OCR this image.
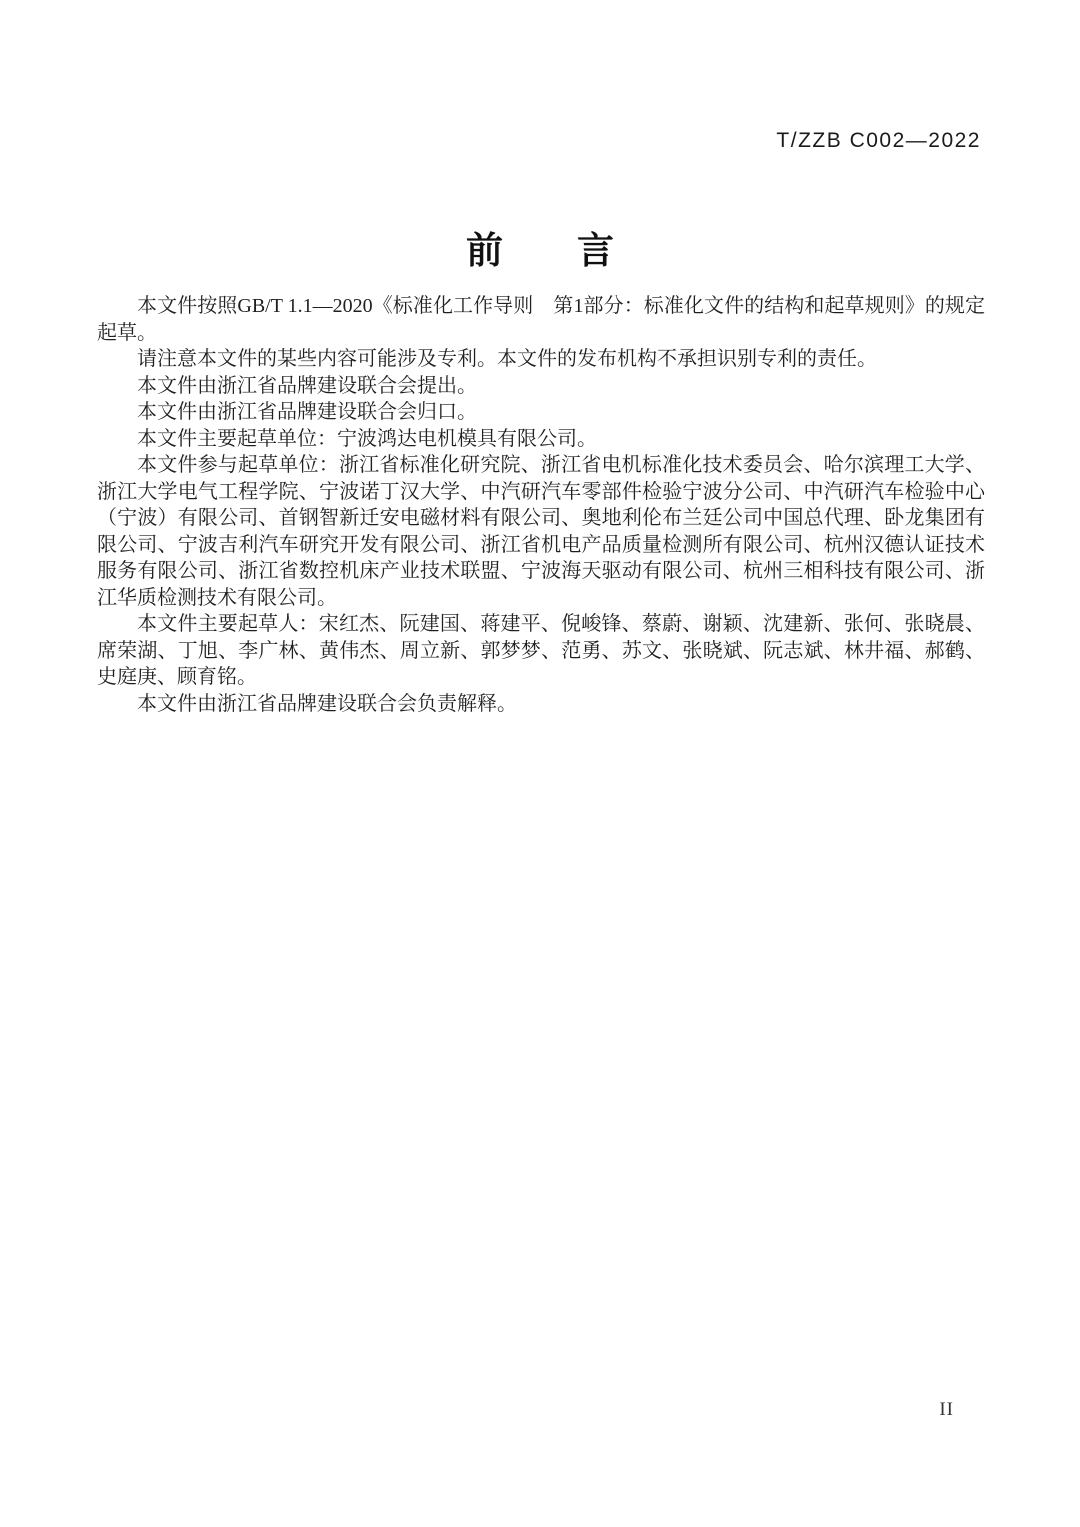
T/ZZB C002—2022
前　　言

本文件按照GB/T 1.1—2020《标准化工作导则　第1部分：标准化文件的结构和起草规则》的规定起草。

请注意本文件的某些内容可能涉及专利。本文件的发布机构不承担识别专利的责任。

本文件由浙江省品牌建设联合会提出。

本文件由浙江省品牌建设联合会归口。

本文件主要起草单位：宁波鸿达电机模具有限公司。

本文件参与起草单位：浙江省标准化研究院、浙江省电机标准化技术委员会、哈尔滨理工大学、浙江大学电气工程学院、宁波诺丁汉大学、中汽研汽车零部件检验宁波分公司、中汽研汽车检验中心（宁波）有限公司、首钢智新迁安电磁材料有限公司、奥地利伦布兰廷公司中国总代理、卧龙集团有限公司、宁波吉利汽车研究开发有限公司、浙江省机电产品质量检测所有限公司、杭州汉德认证技术服务有限公司、浙江省数控机床产业技术联盟、宁波海天驱动有限公司、杭州三相科技有限公司、浙江华质检测技术有限公司。

本文件主要起草人：宋红杰、阮建国、蒋建平、倪峻锋、蔡蔚、谢颖、沈建新、张何、张晓晨、席荣湖、丁旭、李广林、黄伟杰、周立新、郭梦梦、范勇、苏文、张晓斌、阮志斌、林井福、郝鹤、史庭庚、顾育铭。

本文件由浙江省品牌建设联合会负责解释。

II
